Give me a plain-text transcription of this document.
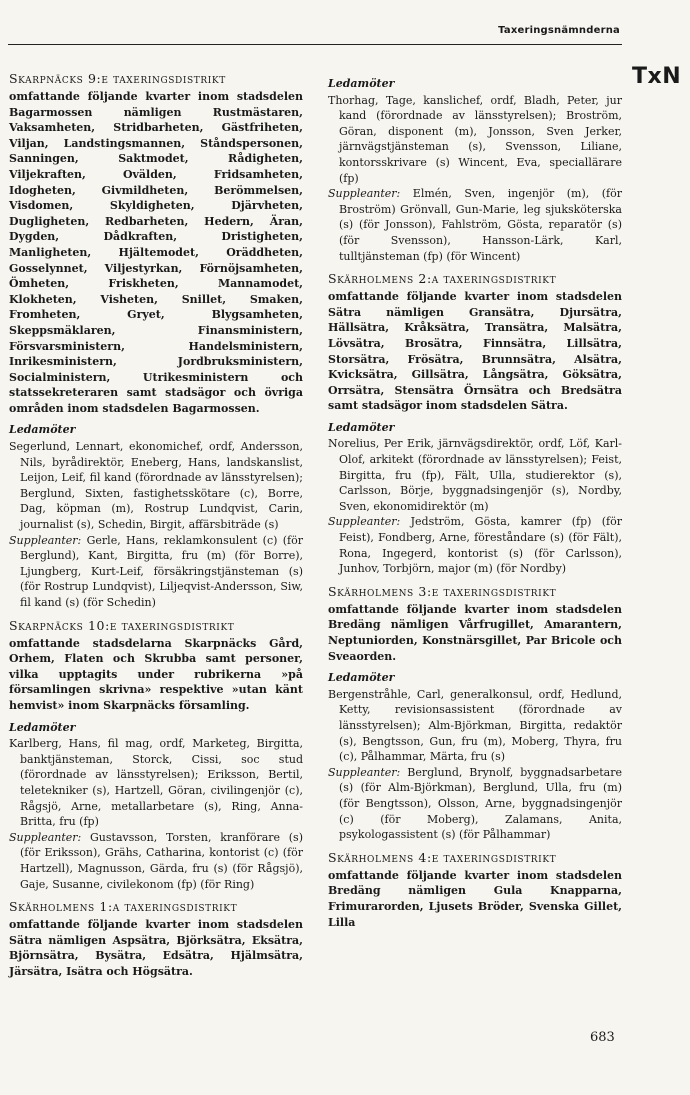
Taxeringsnämnderna
TxN
Skarpnäcks 9:e taxeringsdistrikt

omfattande följande kvarter inom stadsdelen Bagarmossen nämligen Rustmästaren, Vaksamheten, Stridbarheten, Gästfriheten, Viljan, Landstingsmannen, Ståndspersonen, Sanningen, Saktmodet, Rådigheten, Viljekraften, Ovälden, Fridsamheten, Idogheten, Givmildheten, Berömmelsen, Visdomen, Skyldigheten, Djärvheten, Dugligheten, Redbarheten, Hedern, Äran, Dygden, Dådkraften, Dristigheten, Manligheten, Hjältemodet, Oräddheten, Gosselynnet, Viljestyrkan, Förnöjsamheten, Ömheten, Friskheten, Mannamodet, Klokheten, Visheten, Snillet, Smaken, Fromheten, Gryet, Blygsamheten, Skeppsmäklaren, Finansministern, Försvarsministern, Handelsministern, Inrikesministern, Jordbruksministern, Socialministern, Utrikesministern och statssekreteraren samt stadsägor och övriga områden inom stadsdelen Bagarmossen.

Ledamöter

Segerlund, Lennart, ekonomichef, ordf, Andersson, Nils, byrådirektör, Eneberg, Hans, landskanslist, Leijon, Leif, fil kand (förordnade av länsstyrelsen); Berglund, Sixten, fastighetsskötare (c), Borre, Dag, köpman (m), Rostrup Lundqvist, Carin, journalist (s), Schedin, Birgit, affärsbiträde (s)

Suppleanter: Gerle, Hans, reklamkonsulent (c) (för Berglund), Kant, Birgitta, fru (m) (för Borre), Ljungberg, Kurt-Leif, försäkringstjänsteman (s) (för Rostrup Lundqvist), Liljeqvist-Andersson, Siw, fil kand (s) (för Schedin)

Skarpnäcks 10:e taxeringsdistrikt

omfattande stadsdelarna Skarpnäcks Gård, Orhem, Flaten och Skrubba samt personer, vilka upptagits under rubrikerna »på församlingen skrivna» respektive »utan känt hemvist» inom Skarpnäcks församling.

Ledamöter

Karlberg, Hans, fil mag, ordf, Marketeg, Birgitta, banktjänsteman, Storck, Cissi, soc stud (förordnade av länsstyrelsen); Eriksson, Bertil, teletekniker (s), Hartzell, Göran, civilingenjör (c), Rågsjö, Arne, metallarbetare (s), Ring, Anna-Britta, fru (fp)

Suppleanter: Gustavsson, Torsten, kranförare (s) (för Eriksson), Grähs, Catharina, kontorist (c) (för Hartzell), Magnusson, Gärda, fru (s) (för Rågsjö), Gaje, Susanne, civilekonom (fp) (för Ring)

Skärholmens 1:a taxeringsdistrikt

omfattande följande kvarter inom stadsdelen Sätra nämligen Aspsätra, Björksätra, Eksätra, Björnsätra, Bysätra, Edsätra, Hjälmsätra, Järsätra, Isätra och Högsätra.

Ledamöter

Thorhag, Tage, kanslichef, ordf, Bladh, Peter, jur kand (förordnade av länsstyrelsen); Broström, Göran, disponent (m), Jonsson, Sven Jerker, järnvägstjänsteman (s), Svensson, Liliane, kontorsskrivare (s) Wincent, Eva, speciallärare (fp)

Suppleanter: Elmén, Sven, ingenjör (m), (för Broström) Grönvall, Gun-Marie, leg sjuksköterska (s) (för Jonsson), Fahlström, Gösta, reparatör (s) (för Svensson), Hansson-Lärk, Karl, tulltjänsteman (fp) (för Wincent)

Skärholmens 2:a taxeringsdistrikt

omfattande följande kvarter inom stadsdelen Sätra nämligen Gransätra, Djursätra, Hällsätra, Kråksätra, Transätra, Malsätra, Lövsätra, Brosätra, Finnsätra, Lillsätra, Storsätra, Frösätra, Brunnsätra, Alsätra, Kvicksätra, Gillsätra, Långsätra, Göksätra, Orrsätra, Stensätra Örnsätra och Bredsätra samt stadsägor inom stadsdelen Sätra.

Ledamöter

Norelius, Per Erik, järnvägsdirektör, ordf, Löf, Karl-Olof, arkitekt (förordnade av länsstyrelsen); Feist, Birgitta, fru (fp), Fält, Ulla, studierektor (s), Carlsson, Börje, byggnadsingenjör (s), Nordby, Sven, ekonomidirektör (m)

Suppleanter: Jedström, Gösta, kamrer (fp) (för Feist), Fondberg, Arne, föreståndare (s) (för Fält), Rona, Ingegerd, kontorist (s) (för Carlsson), Junhov, Torbjörn, major (m) (för Nordby)

Skärholmens 3:e taxeringsdistrikt

omfattande följande kvarter inom stadsdelen Bredäng nämligen Vårfrugillet, Amarantern, Neptuniorden, Konstnärsgillet, Par Bricole och Sveaorden.

Ledamöter

Bergenstråhle, Carl, generalkonsul, ordf, Hedlund, Ketty, revisionsassistent (förordnade av länsstyrelsen); Alm-Björkman, Birgitta, redaktör (s), Bengtsson, Gun, fru (m), Moberg, Thyra, fru (c), Pålhammar, Märta, fru (s)

Suppleanter: Berglund, Brynolf, byggnadsarbetare (s) (för Alm-Björkman), Berglund, Ulla, fru (m) (för Bengtsson), Olsson, Arne, byggnadsingenjör (c) (för Moberg), Zalamans, Anita, psykologassistent (s) (för Pålhammar)

Skärholmens 4:e taxeringsdistrikt

omfattande följande kvarter inom stadsdelen Bredäng nämligen Gula Knapparna, Frimurarorden, Ljusets Bröder, Svenska Gillet, Lilla

683
